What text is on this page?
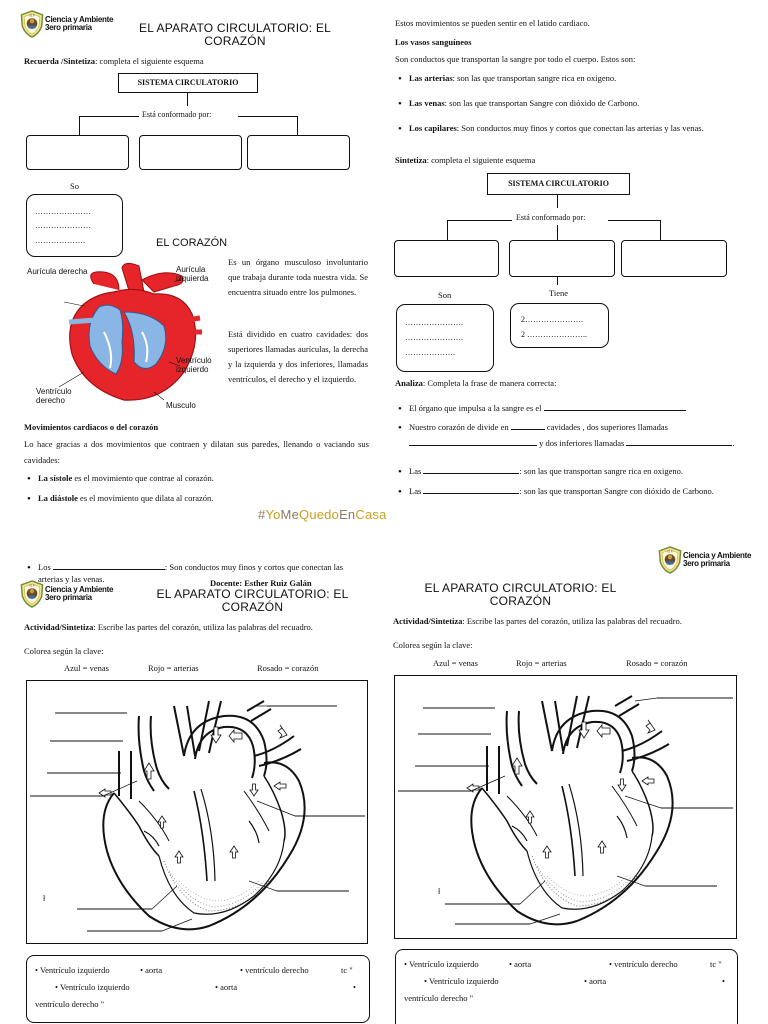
Ciencia y Ambiente
3ero primaria	EL APARATO CIRCULATORIO: EL CORAZÓN
Recuerda /Sintetiza: completa el siguiente esquema
SISTEMA CIRCULATORIO
Está conformado por:
So
…………………
…………………
……………….	EL CORAZÓN
Aurícula derecha	Aurícula izquierda
Ventrículo izquierdo
Ventrículo derecho
Musculo
Es un órgano musculoso involuntario que trabaja durante toda nuestra vida. Se encuentra situado entre los pulmones.
Está dividido en cuatro cavidades: dos superiores llamadas aurículas, la derecha y la izquierda y dos inferiores, llamadas ventrículos, el derecho y el izquierdo.
Movimientos cardiacos o del corazón
Lo hace gracias a dos movimientos que contraen y dilatan sus paredes, llenando o vaciando sus cavidades:
• La sístole es el movimiento que contrae al corazón.
• La diástole es el movimiento que dilata al corazón.
#YoMeQuedoEnCasa
Estos movimientos se pueden sentir en el latido cardiaco.
Los vasos sanguíneos
Son conductos que transportan la sangre por todo el cuerpo. Estos son:
• Las arterias: son las que transportan sangre rica en oxigeno.
• Las venas: son las que transportan Sangre con dióxido de Carbono.
• Los capilares: Son conductos muy finos y cortos que conectan las arterias y las venas.
Sintetiza: completa el siguiente esquema
SISTEMA CIRCULATORIO
Está conformado por:
Son	Tiene
………………….
………………….
……………….
2………………….
2 …………………..
Analiza: Completa la frase de manera correcta:
• El órgano que impulsa a la sangre es el
• Nuestro corazón de divide en	cavidades , dos superiores llamadas
y dos inferiores llamadas	.
• Las	: son las que transportan sangre rica en oxigeno.
• Las	: son las que transportan Sangre con dióxido de Carbono.
• Los	: Son conductos muy finos y cortos que conectan las arterias y las venas.	Docente: Esther Ruiz Galán
Ciencia y Ambiente
3ero primaria	EL APARATO CIRCULATORIO: EL CORAZÓN
Actividad/Sintetiza: Escribe las partes del corazón, utiliza las palabras del recuadro.
Colorea según la clave:
Azul = venas	Rojo = arterias	Rosado = corazón
ł
• Ventrículo izquierdo	• aorta	• ventrículo derecho	tc "
• Ventrículo izquierdo	• aorta	•
ventrículo derecho "
Ciencia y Ambiente
3ero primaria
EL APARATO CIRCULATORIO: EL CORAZÓN
Actividad/Sintetiza: Escribe las partes del corazón, utiliza las palabras del recuadro.
Colorea según la clave:
Azul = venas	Rojo = arterias	Rosado = corazón
ł
• Ventrículo izquierdo	• aorta	• ventrículo derecho	tc "
• Ventrículo izquierdo	• aorta	•
ventrículo derecho "
